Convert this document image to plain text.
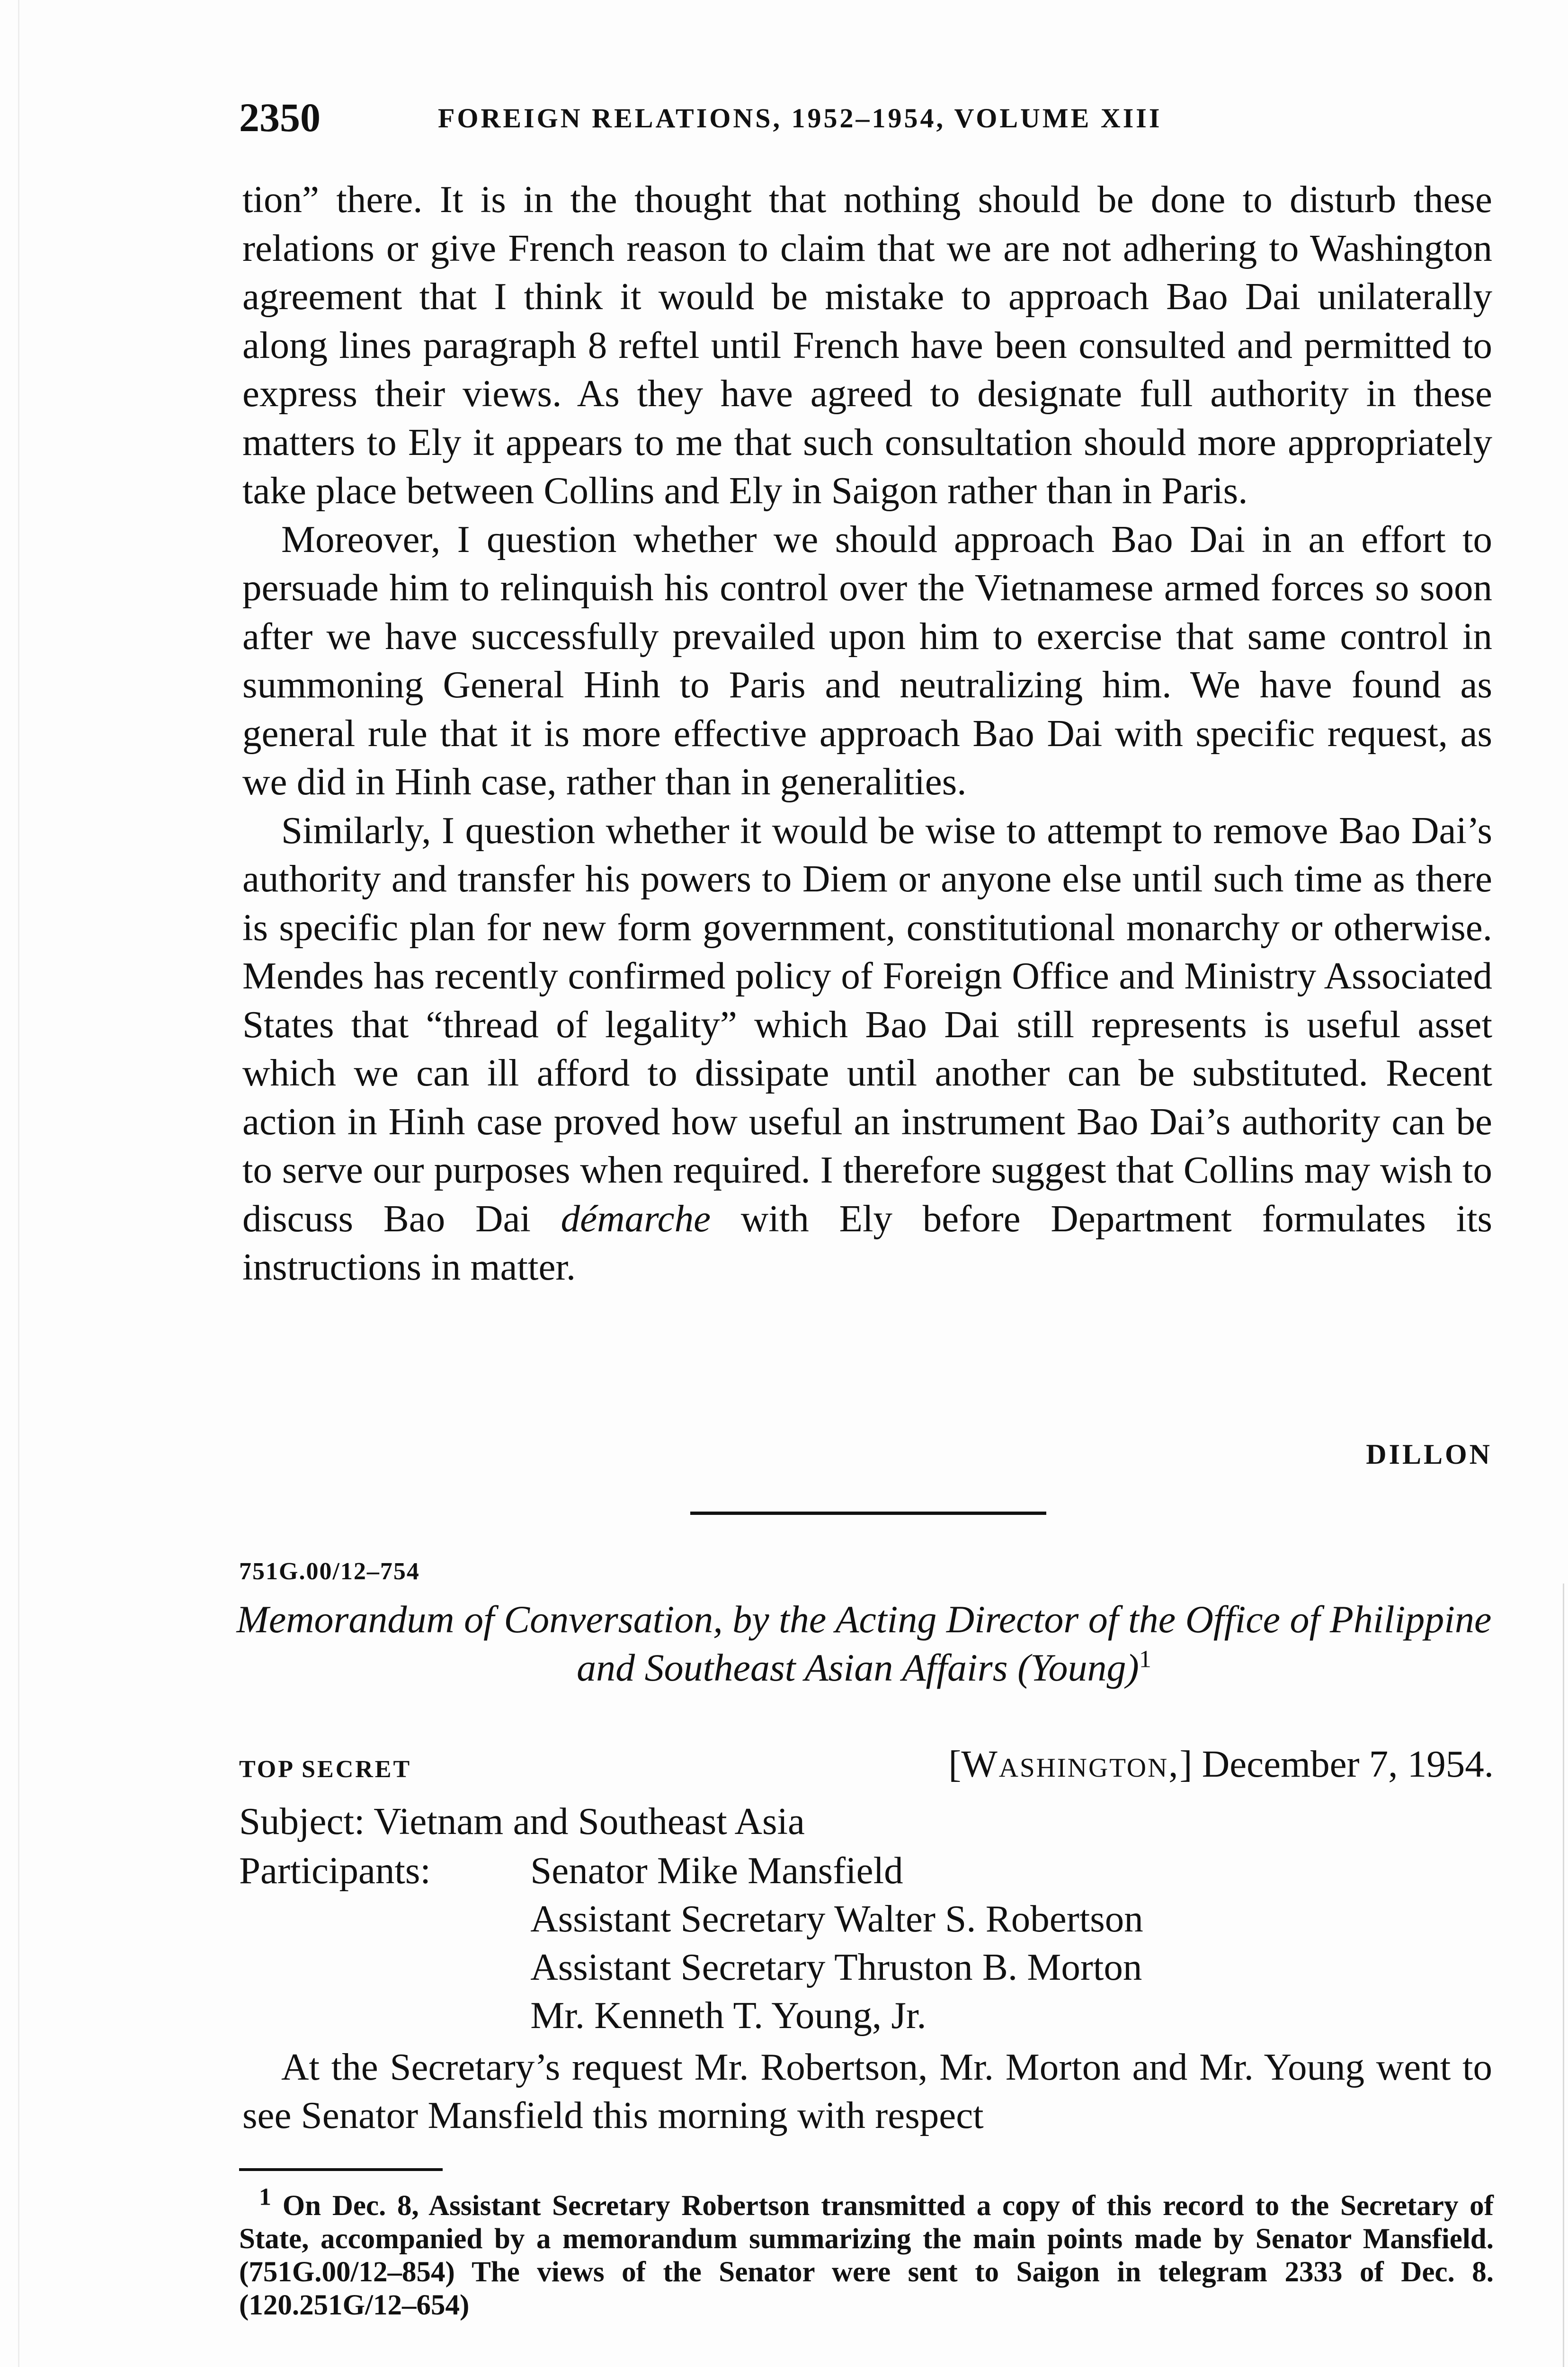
2350	FOREIGN RELATIONS, 1952–1954, VOLUME XIII

tion” there. It is in the thought that nothing should be done to disturb these relations or give French reason to claim that we are not adhering to Washington agreement that I think it would be mistake to approach Bao Dai unilaterally along lines paragraph 8 reftel until French have been consulted and permitted to express their views. As they have agreed to designate full authority in these matters to Ely it appears to me that such consultation should more appropriately take place between Collins and Ely in Saigon rather than in Paris.

Moreover, I question whether we should approach Bao Dai in an effort to persuade him to relinquish his control over the Vietnamese armed forces so soon after we have successfully prevailed upon him to exercise that same control in summoning General Hinh to Paris and neutralizing him. We have found as general rule that it is more effective approach Bao Dai with specific request, as we did in Hinh case, rather than in generalities.

Similarly, I question whether it would be wise to attempt to remove Bao Dai’s authority and transfer his powers to Diem or anyone else until such time as there is specific plan for new form government, constitutional monarchy or otherwise. Mendes has recently confirmed policy of Foreign Office and Ministry Associated States that “thread of legality” which Bao Dai still represents is useful asset which we can ill afford to dissipate until another can be substituted. Recent action in Hinh case proved how useful an instrument Bao Dai’s authority can be to serve our purposes when required. I therefore suggest that Collins may wish to discuss Bao Dai démarche with Ely before Department formulates its instructions in matter.

DILLON
751G.00/12–754
Memorandum of Conversation, by the Acting Director of the Office of Philippine and Southeast Asian Affairs (Young)$^1$
TOP SECRET	[Washington,] December 7, 1954.
Subject: Vietnam and Southeast Asia
Participants:	Senator Mike Mansfield
Assistant Secretary Walter S. Robertson
Assistant Secretary Thruston B. Morton
Mr. Kenneth T. Young, Jr.

At the Secretary’s request Mr. Robertson, Mr. Morton and Mr. Young went to see Senator Mansfield this morning with respect

1 On Dec. 8, Assistant Secretary Robertson transmitted a copy of this record to the Secretary of State, accompanied by a memorandum summarizing the main points made by Senator Mansfield. (751G.00/12–854) The views of the Senator were sent to Saigon in telegram 2333 of Dec. 8. (120.251G/12–654)
